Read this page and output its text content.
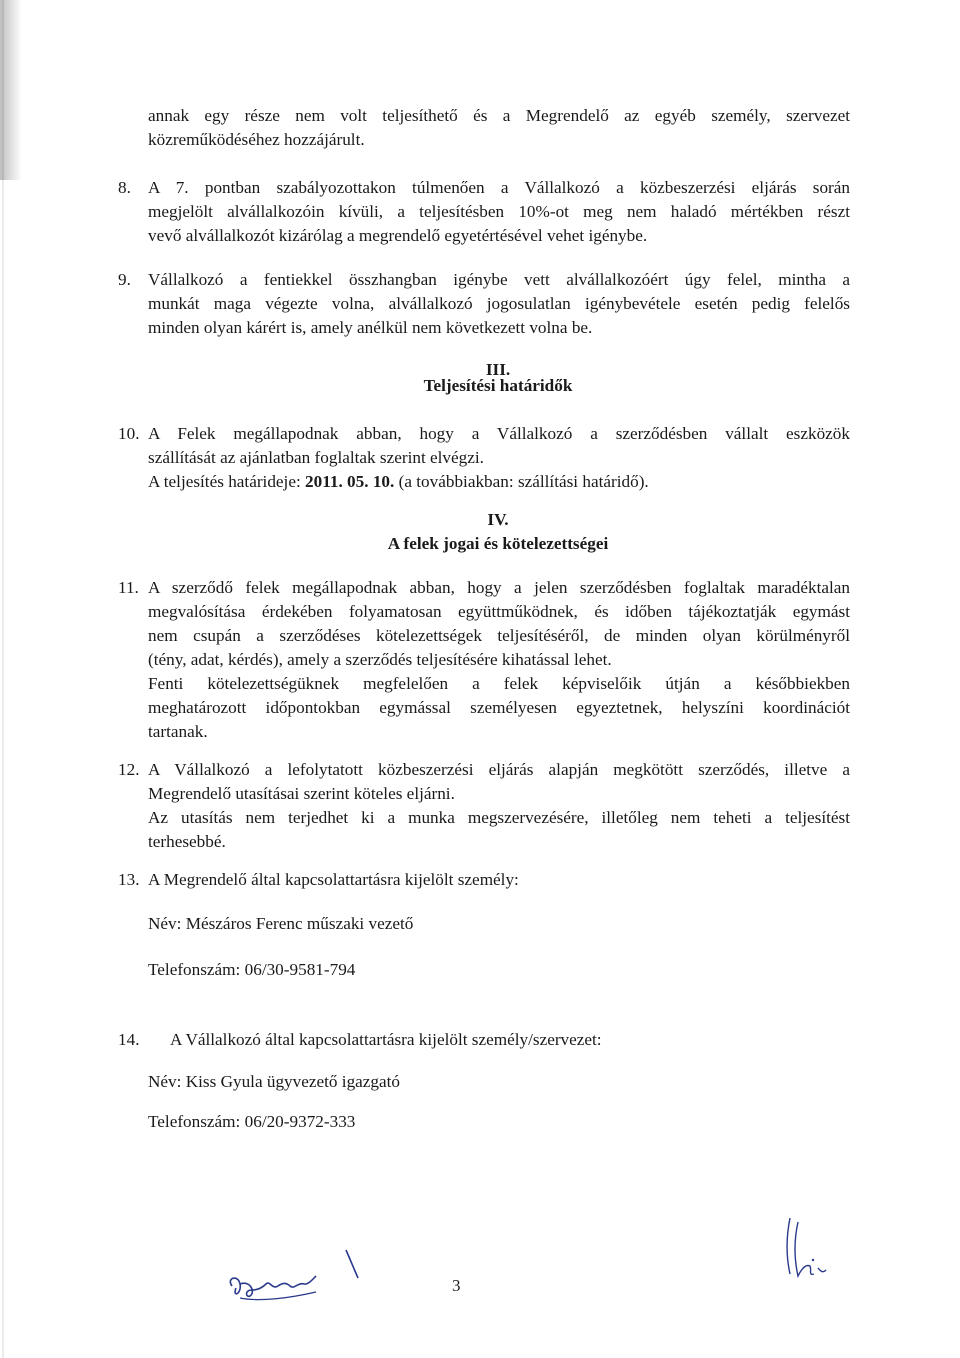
annak egy része nem volt teljesíthető és a Megrendelő az egyéb személy, szervezet
közreműködéséhez hozzájárult.
8. A 7. pontban szabályozottakon túlmenően a Vállalkozó a közbeszerzési eljárás során
megjelölt alvállalkozóin kívüli, a teljesítésben 10%-ot meg nem haladó mértékben részt
vevő alvállalkozót kizárólag a megrendelő egyetértésével vehet igénybe.
9. Vállalkozó a fentiekkel összhangban igénybe vett alvállalkozóért úgy felel, mintha a
munkát maga végezte volna, alvállalkozó jogosulatlan igénybevétele esetén pedig felelős
minden olyan kárért is, amely anélkül nem következett volna be.
III.
Teljesítési határidők
10. A Felek megállapodnak abban, hogy a Vállalkozó a szerződésben vállalt eszközök
szállítását az ajánlatban foglaltak szerint elvégzi.
A teljesítés határideje: 2011. 05. 10. (a továbbiakban: szállítási határidő).
IV.
A felek jogai és kötelezettségei
11. A szerződő felek megállapodnak abban, hogy a jelen szerződésben foglaltak maradéktalan
megvalósítása érdekében folyamatosan együttműködnek, és időben tájékoztatják egymást
nem csupán a szerződéses kötelezettségek teljesítéséről, de minden olyan körülményről
(tény, adat, kérdés), amely a szerződés teljesítésére kihatással lehet.
Fenti kötelezettségüknek megfelelően a felek képviselőik útján a későbbiekben
meghatározott időpontokban egymással személyesen egyeztetnek, helyszíni koordinációt
tartanak.
12. A Vállalkozó a lefolytatott közbeszerzési eljárás alapján megkötött szerződés, illetve a
Megrendelő utasításai szerint köteles eljárni.
Az utasítás nem terjedhet ki a munka megszervezésére, illetőleg nem teheti a teljesítést
terhesebbé.
13. A Megrendelő által kapcsolattartásra kijelölt személy:
Név: Mészáros Ferenc műszaki vezető
Telefonszám: 06/30-9581-794
14. A Vállalkozó által kapcsolattartásra kijelölt személy/szervezet:
Név: Kiss Gyula ügyvezető igazgató
Telefonszám: 06/20-9372-333
3
